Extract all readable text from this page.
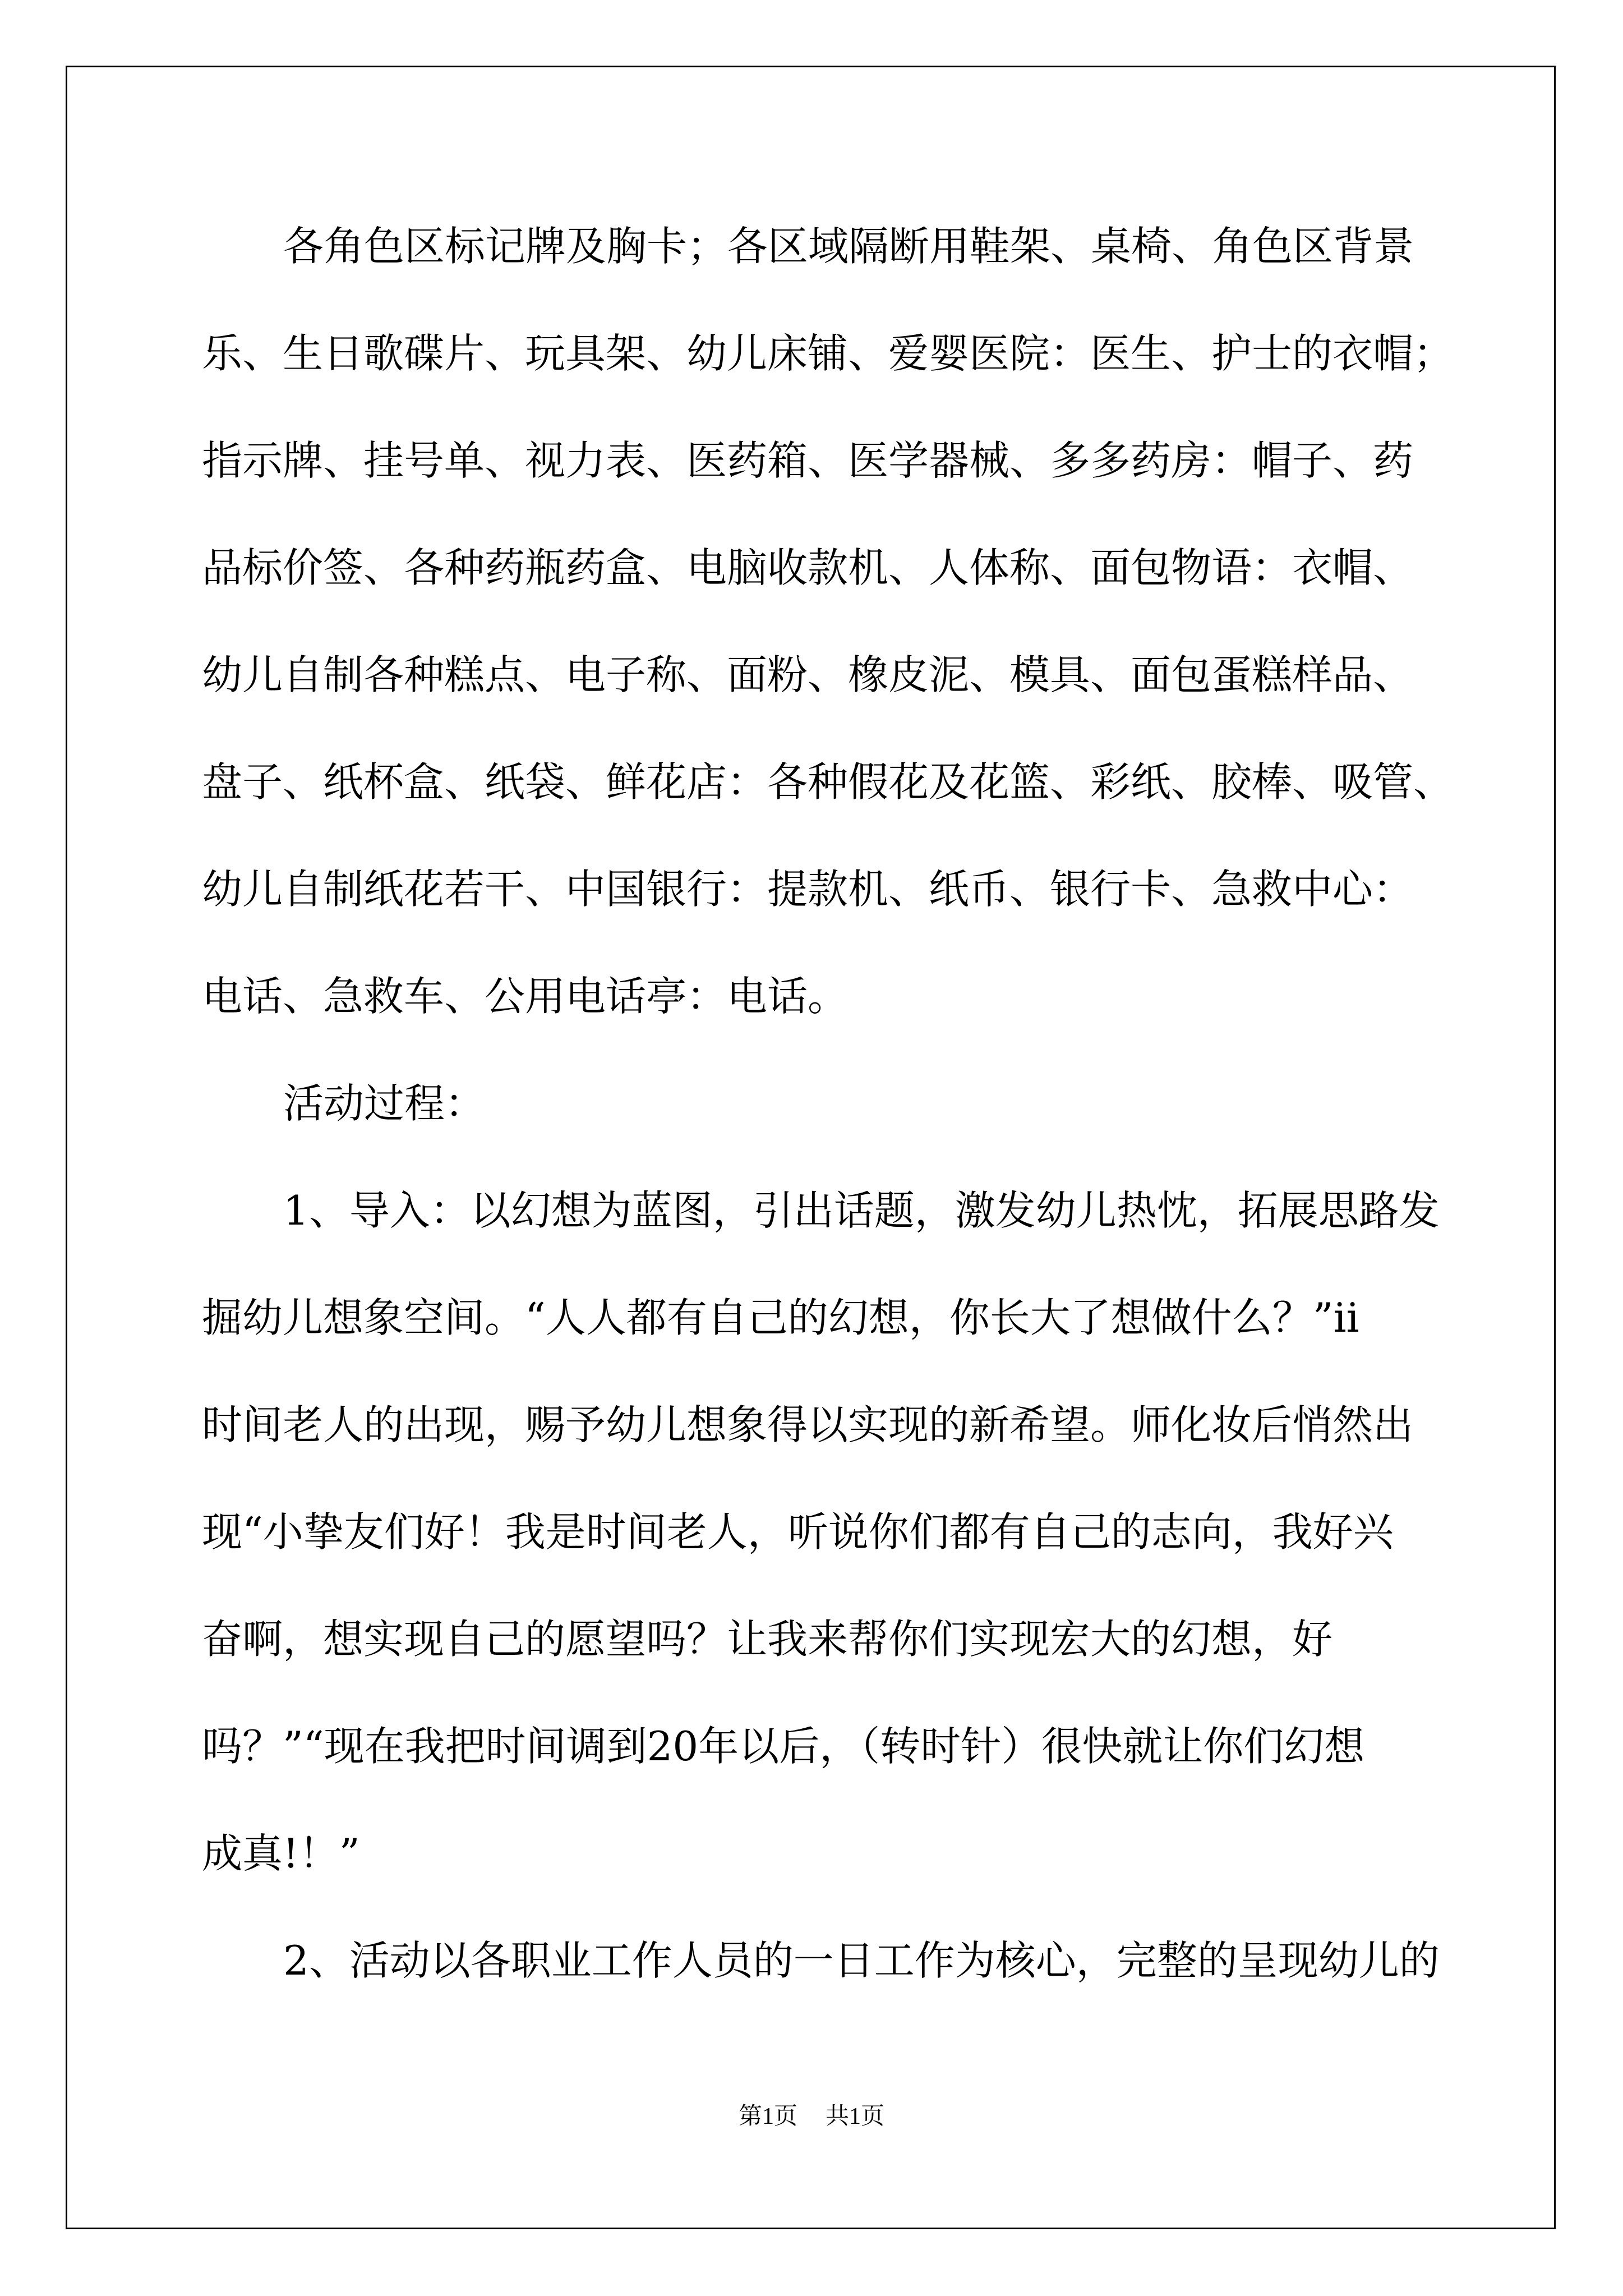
各角色区标记牌及胸卡；各区域隔断用鞋架、桌椅、角色区背景

乐、生日歌碟片、玩具架、幼儿床铺、爱婴医院：医生、护士的衣帽；

指示牌、挂号单、视力表、医药箱、医学器械、多多药房：帽子、药

品标价签、各种药瓶药盒、电脑收款机、人体称、面包物语：衣帽、

幼儿自制各种糕点、电子称、面粉、橡皮泥、模具、面包蛋糕样品、

盘子、纸杯盒、纸袋、鲜花店：各种假花及花篮、彩纸、胶棒、吸管、

幼儿自制纸花若干、中国银行：提款机、纸币、银行卡、急救中心：

电话、急救车、公用电话亭：电话。

活动过程：

1、导入：以幻想为蓝图，引出话题，激发幼儿热忱，拓展思路发

掘幼儿想象空间。“人人都有自己的幻想，你长大了想做什么？”ii

时间老人的出现，赐予幼儿想象得以实现的新希望。师化妆后悄然出

现“小挚友们好！我是时间老人，听说你们都有自己的志向，我好兴

奋啊，想实现自己的愿望吗？让我来帮你们实现宏大的幻想，好

吗？”“现在我把时间调到20年以后，（转时针）很快就让你们幻想

成真!！”

2、活动以各职业工作人员的一日工作为核心，完整的呈现幼儿的

第1页 共1页
